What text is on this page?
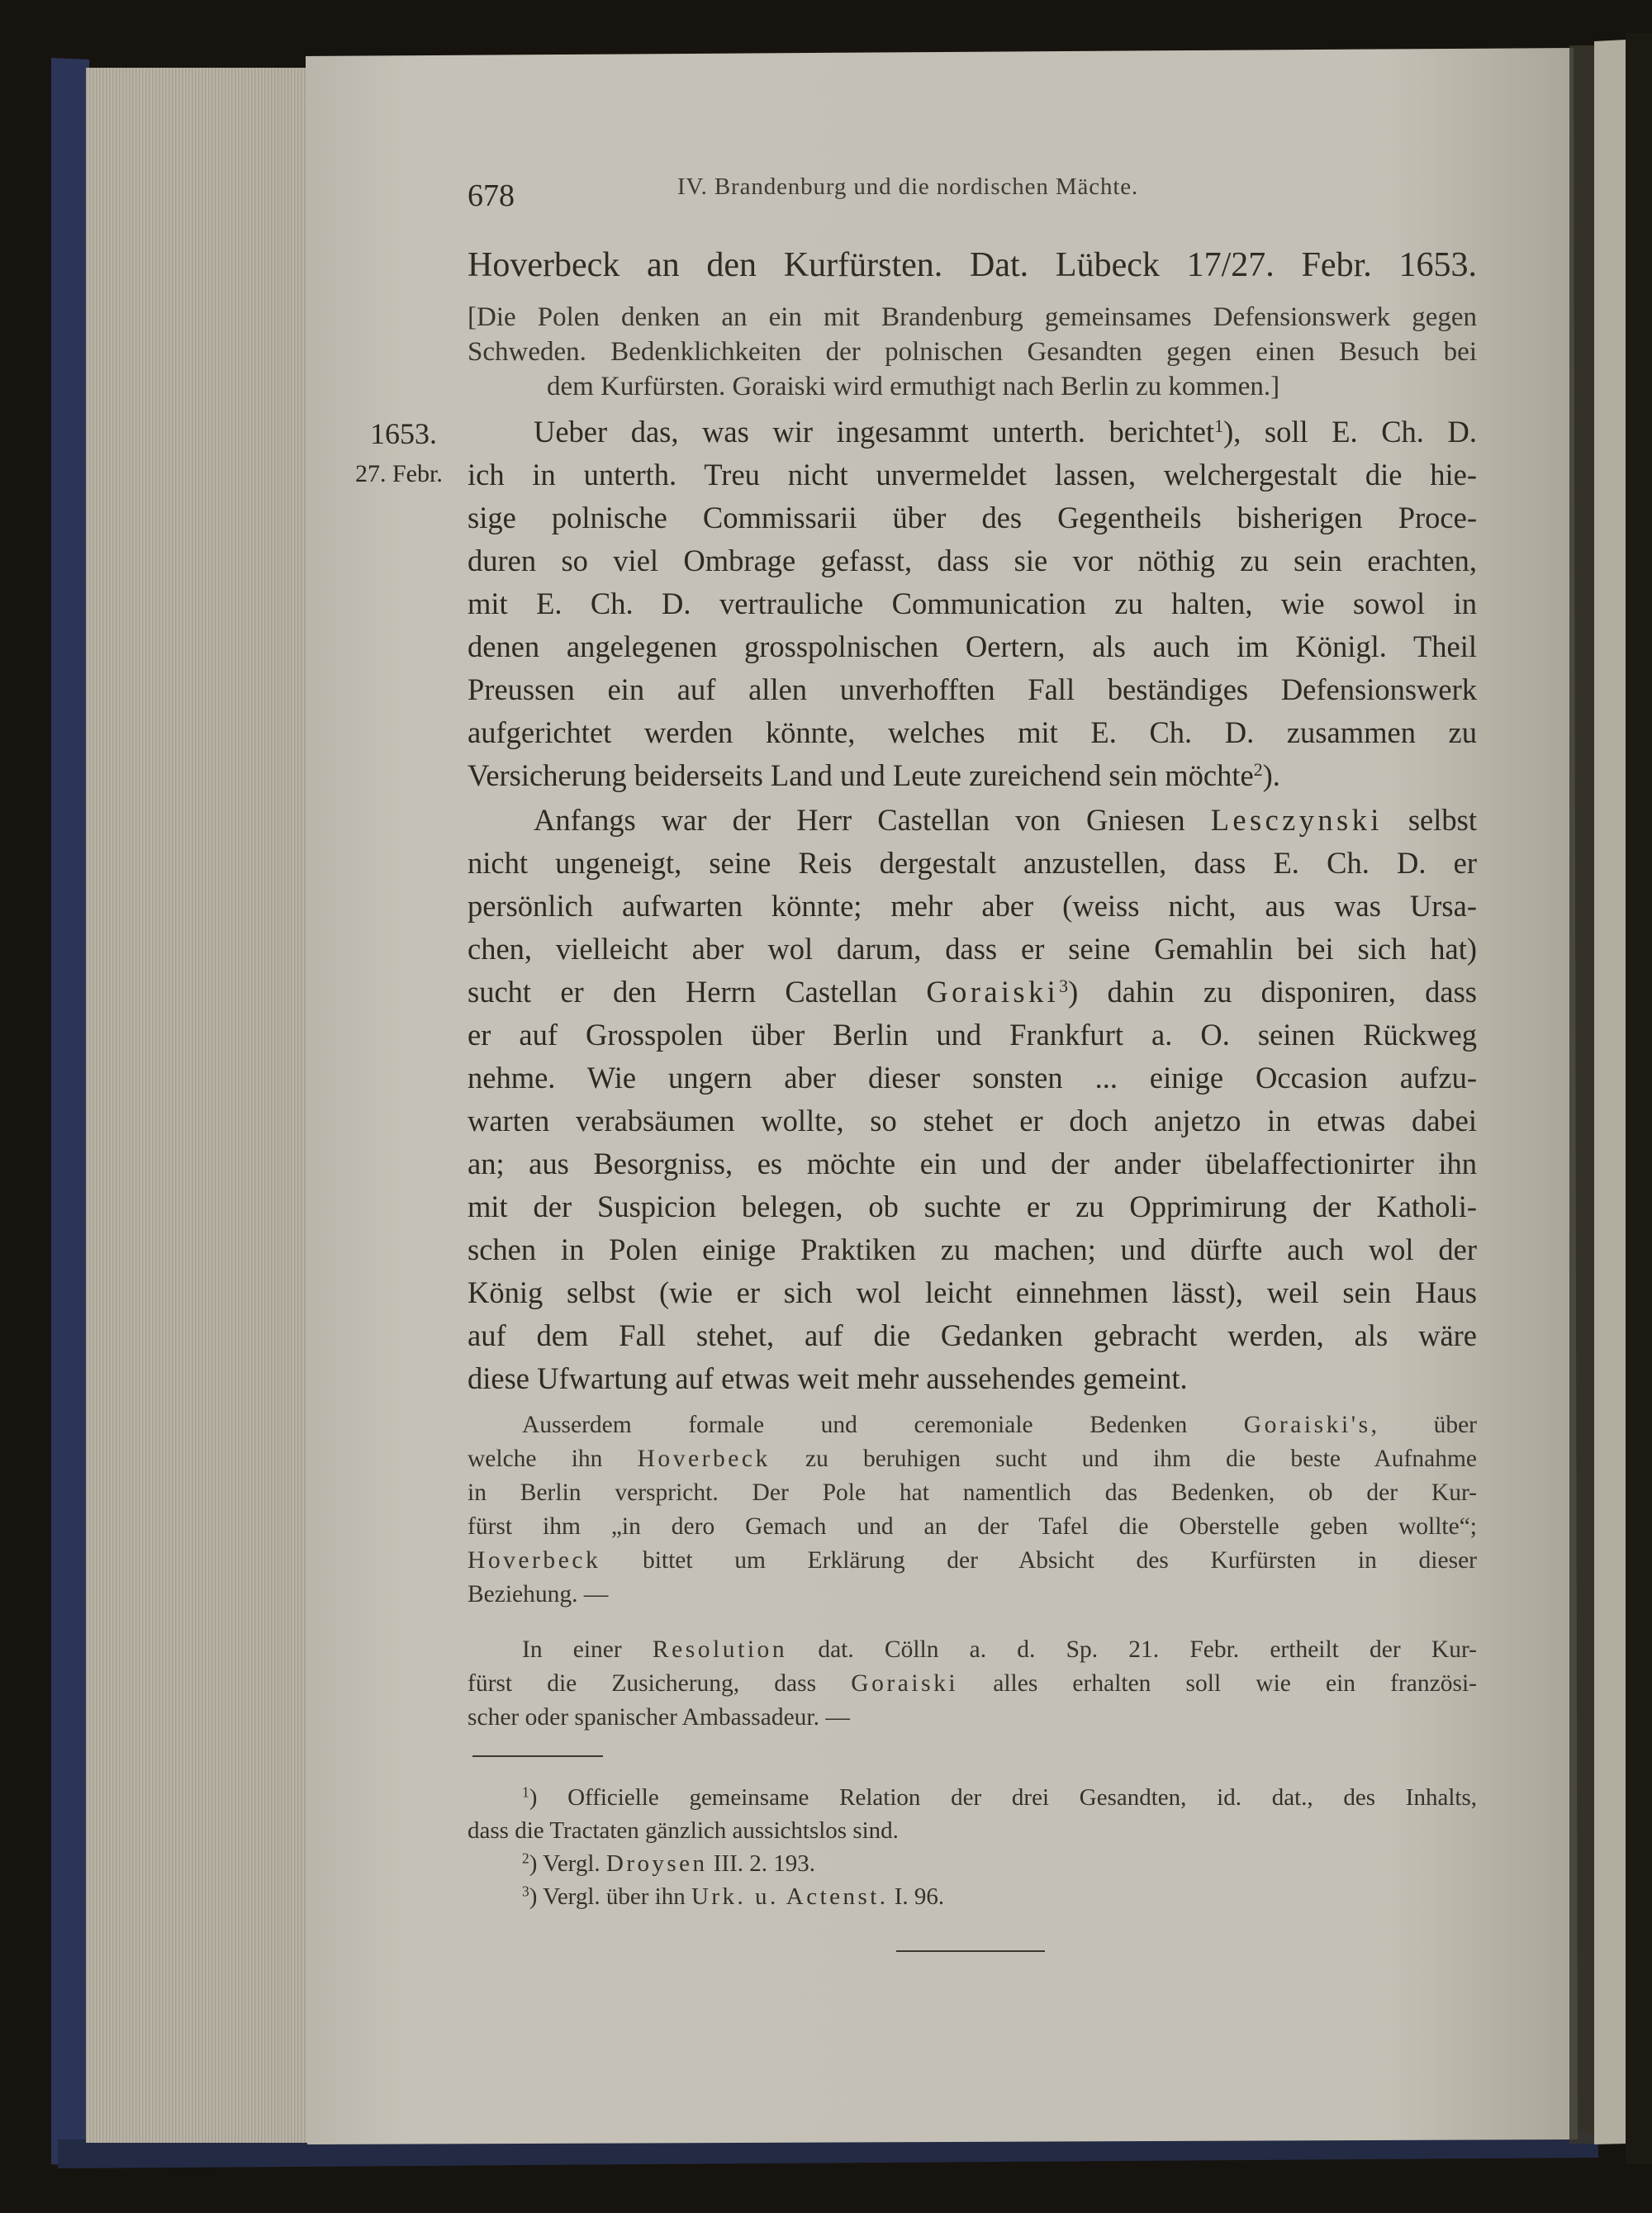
678	IV. Brandenburg und die nordischen Mächte.
Hoverbeck an den Kurfürsten. Dat. Lübeck 17/27. Febr. 1653.
[Die Polen denken an ein mit Brandenburg gemeinsames Defensionswerk gegen
Schweden. Bedenklichkeiten der polnischen Gesandten gegen einen Besuch bei
dem Kurfürsten. Goraiski wird ermuthigt nach Berlin zu kommen.]
1653.
27. Febr.
Ueber das, was wir ingesammt unterth. berichtet$^1$), soll E. Ch. D.
ich in unterth. Treu nicht unvermeldet lassen, welchergestalt die hie-
sige polnische Commissarii über des Gegentheils bisherigen Proce-
duren so viel Ombrage gefasst, dass sie vor nöthig zu sein erachten,
mit E. Ch. D. vertrauliche Communication zu halten, wie sowol in
denen angelegenen grosspolnischen Oertern, als auch im Königl. Theil
Preussen ein auf allen unverhofften Fall beständiges Defensionswerk
aufgerichtet werden könnte, welches mit E. Ch. D. zusammen zu
Versicherung beiderseits Land und Leute zureichend sein möchte$^2$).
Anfangs war der Herr Castellan von Gniesen Lesczynski selbst
nicht ungeneigt, seine Reis dergestalt anzustellen, dass E. Ch. D. er
persönlich aufwarten könnte; mehr aber (weiss nicht, aus was Ursa-
chen, vielleicht aber wol darum, dass er seine Gemahlin bei sich hat)
sucht er den Herrn Castellan Goraiski$^3$) dahin zu disponiren, dass
er auf Grosspolen über Berlin und Frankfurt a. O. seinen Rückweg
nehme. Wie ungern aber dieser sonsten ... einige Occasion aufzu-
warten verabsäumen wollte, so stehet er doch anjetzo in etwas dabei
an; aus Besorgniss, es möchte ein und der ander übelaffectionirter ihn
mit der Suspicion belegen, ob suchte er zu Opprimirung der Katholi-
schen in Polen einige Praktiken zu machen; und dürfte auch wol der
König selbst (wie er sich wol leicht einnehmen lässt), weil sein Haus
auf dem Fall stehet, auf die Gedanken gebracht werden, als wäre
diese Ufwartung auf etwas weit mehr aussehendes gemeint.
Ausserdem formale und ceremoniale Bedenken Goraiski's, über
welche ihn Hoverbeck zu beruhigen sucht und ihm die beste Aufnahme
in Berlin verspricht. Der Pole hat namentlich das Bedenken, ob der Kur-
fürst ihm „in dero Gemach und an der Tafel die Oberstelle geben wollte“;
Hoverbeck bittet um Erklärung der Absicht des Kurfürsten in dieser
Beziehung. —
In einer Resolution dat. Cölln a. d. Sp. 21. Febr. ertheilt der Kur-
fürst die Zusicherung, dass Goraiski alles erhalten soll wie ein französi-
scher oder spanischer Ambassadeur. —
$^1$) Officielle gemeinsame Relation der drei Gesandten, id. dat., des Inhalts,
dass die Tractaten gänzlich aussichtslos sind.
$^2$) Vergl. Droysen III. 2. 193.
$^3$) Vergl. über ihn Urk. u. Actenst. I. 96.
